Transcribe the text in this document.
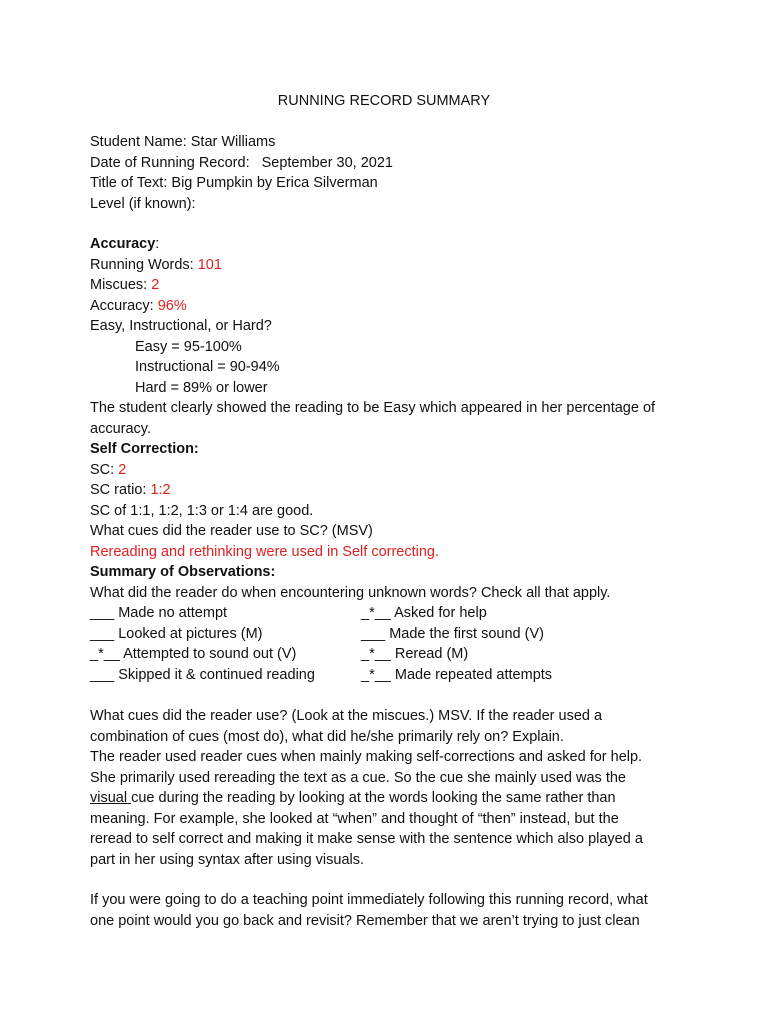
RUNNING RECORD SUMMARY
Student Name: Star Williams
Date of Running Record: September 30, 2021
Title of Text: Big Pumpkin by Erica Silverman
Level (if known):
Accuracy:
Running Words: 101
Miscues: 2
Accuracy: 96%
Easy, Instructional, or Hard?
Easy = 95-100%
Instructional = 90-94%
Hard = 89% or lower
The student clearly showed the reading to be Easy which appeared in her percentage of
accuracy.
Self Correction:
SC: 2
SC ratio: 1:2
SC of 1:1, 1:2, 1:3 or 1:4 are good.
What cues did the reader use to SC? (MSV)
Rereading and rethinking were used in Self correcting.
Summary of Observations:
What did the reader do when encountering unknown words? Check all that apply.
___ Made no attempt	_*__ Asked for help
___ Looked at pictures (M)	___ Made the first sound (V)
_*__ Attempted to sound out (V)	_*__ Reread (M)
___ Skipped it & continued reading	_*__ Made repeated attempts
What cues did the reader use? (Look at the miscues.) MSV. If the reader used a
combination of cues (most do), what did he/she primarily rely on? Explain.
The reader used reader cues when mainly making self-corrections and asked for help.
She primarily used rereading the text as a cue. So the cue she mainly used was the
visual cue during the reading by looking at the words looking the same rather than
meaning. For example, she looked at “when” and thought of “then” instead, but the
reread to self correct and making it make sense with the sentence which also played a
part in her using syntax after using visuals.
If you were going to do a teaching point immediately following this running record, what
one point would you go back and revisit? Remember that we aren’t trying to just clean
